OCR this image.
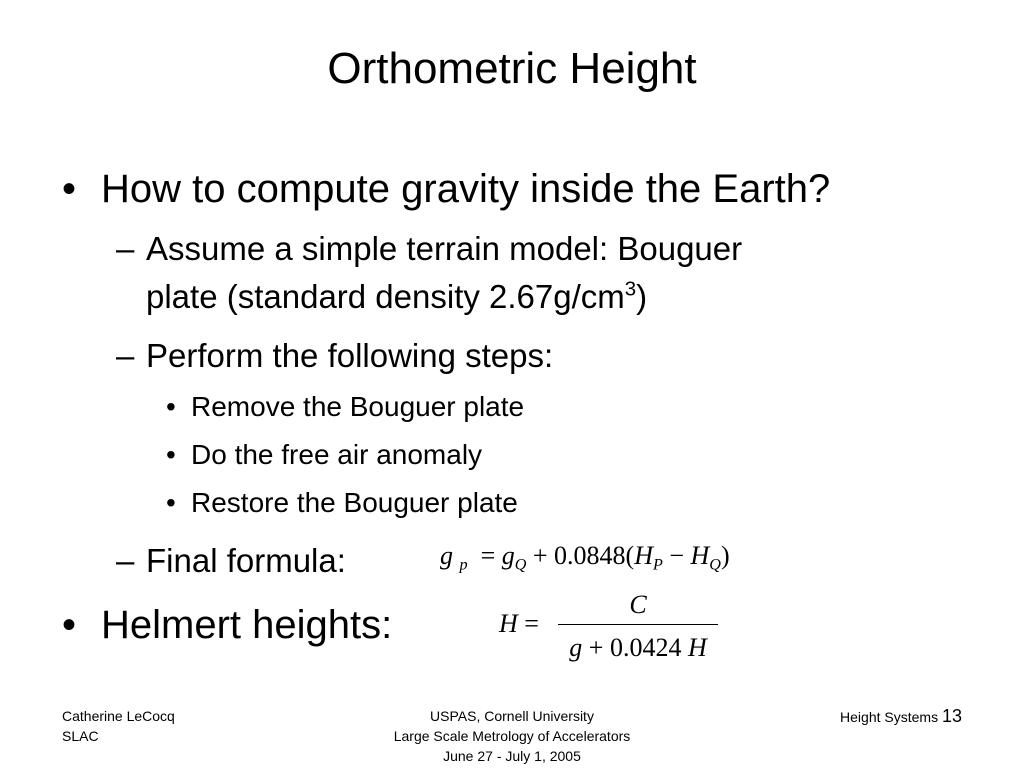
Orthometric Height
• How to compute gravity inside the Earth?
– Assume a simple terrain model: Bouguer
plate (standard density $2.67g/cm^3$)
– Perform the following steps:
• Remove the Bouguer plate
• Do the free air anomaly
• Restore the Bouguer plate
– Final formula:	g $_p = g_Q + 0.0848(H_P - H_Q)$
• Helmert heights:	H =
C
g + 0.0424 H
Catherine LeCocq
SLAC
USPAS, Cornell University
Large Scale Metrology of Accelerators
June 27 - July 1, 2005
Height Systems 13
